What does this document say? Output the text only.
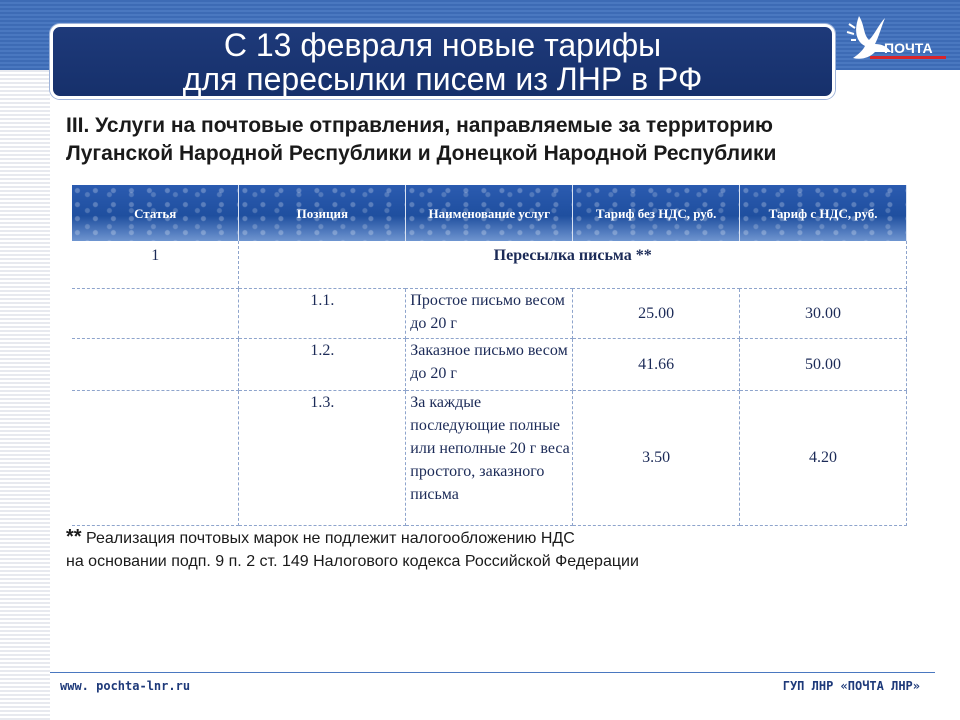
С 13 февраля новые тарифы
для пересылки писем из ЛНР в РФ
ПОЧТА
III. Услуги на почтовые отправления, направляемые за территорию
Луганской Народной Республики и Донецкой Народной Республики
Статья	Позиция	Наименование услуг	Тариф без НДС, руб.	Тариф с НДС, руб.
1	Пересылка письма **			
	1.1.	Простое письмо весом до 20 г	25.00	30.00
	1.2.	Заказное письмо весом до 20 г	41.66	50.00
	1.3.	За каждые последующие полные или неполные 20 г веса простого, заказного письма	3.50	4.20
** Реализация почтовых марок не подлежит налогообложению НДС
на основании подп. 9 п. 2 ст. 149 Налогового кодекса Российской Федерации
www. pochta-lnr.ru	ГУП ЛНР «ПОЧТА ЛНР»
